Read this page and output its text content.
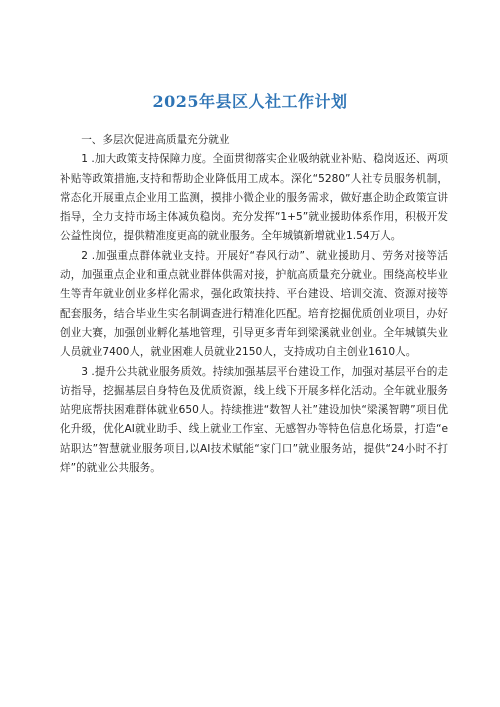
2025年县区人社工作计划

一、多层次促进高质量充分就业

1 .加大政策支持保障力度。全面贯彻落实企业吸纳就业补贴、稳岗返还、两项补贴等政策措施,支持和帮助企业降低用工成本。深化“5280”人社专员服务机制，常态化开展重点企业用工监测，摸排小微企业的服务需求，做好惠企助企政策宣讲指导，全力支持市场主体减负稳岗。充分发挥“1+5”就业援助体系作用，积极开发公益性岗位，提供精准度更高的就业服务。全年城镇新增就业1.54万人。

2 .加强重点群体就业支持。开展好“春风行动”、就业援助月、劳务对接等活动，加强重点企业和重点就业群体供需对接，护航高质量充分就业。围绕高校毕业生等青年就业创业多样化需求，强化政策扶持、平台建设、培训交流、资源对接等配套服务，结合毕业生实名制调查进行精准化匹配。培育挖掘优质创业项目，办好创业大赛，加强创业孵化基地管理，引导更多青年到梁溪就业创业。全年城镇失业人员就业7400人，就业困难人员就业2150人，支持成功自主创业1610人。

3 .提升公共就业服务质效。持续加强基层平台建设工作，加强对基层平台的走访指导，挖掘基层自身特色及优质资源，线上线下开展多样化活动。全年就业服务站兜底帮扶困难群体就业650人。持续推进“数智人社”建设加快“梁溪智聘”项目优化升级，优化AI就业助手、线上就业工作室、无感智办等特色信息化场景，打造“e站职达”智慧就业服务项目,以AI技术赋能“家门口”就业服务站，提供“24小时不打烊”的就业公共服务。
